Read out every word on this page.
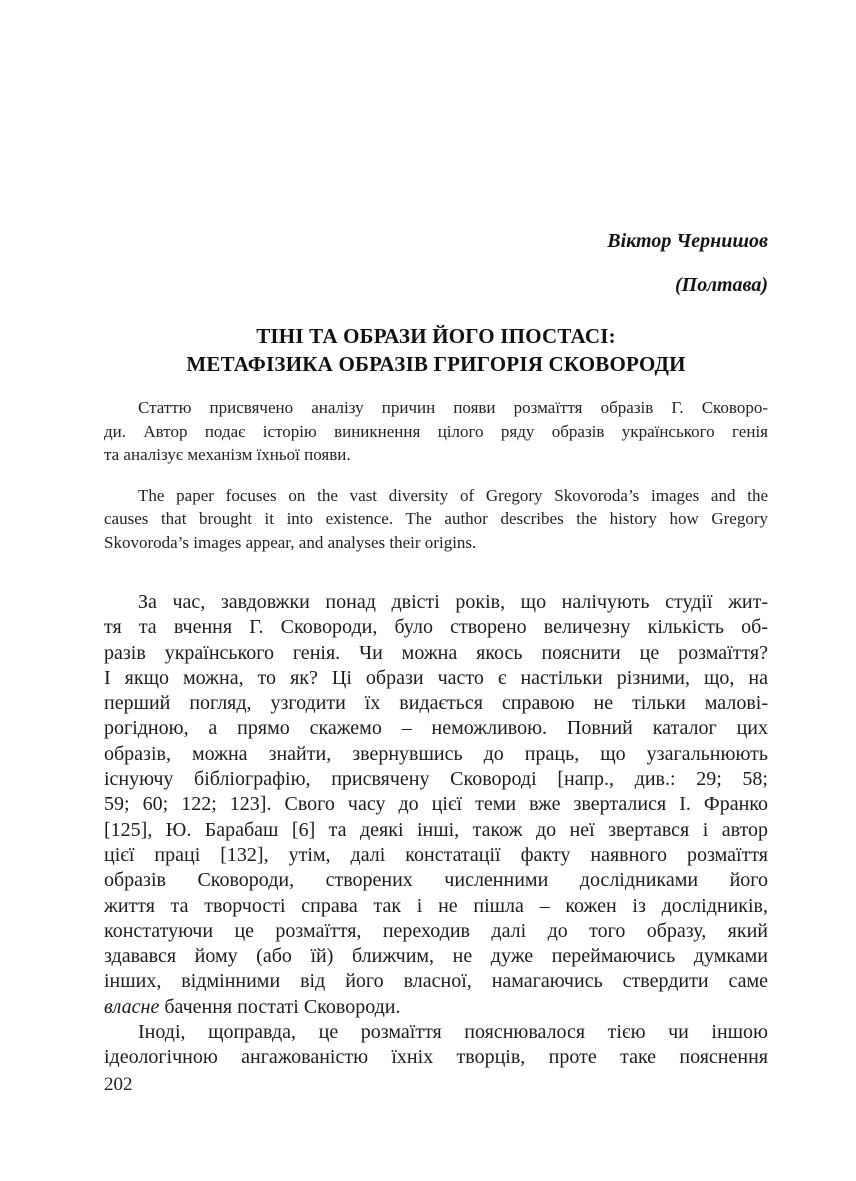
Віктор Чернишов
(Полтава)
ТІНІ ТА ОБРАЗИ ЙОГО ІПОСТАСІ:
МЕТАФІЗИКА ОБРАЗІВ ГРИГОРІЯ СКОВОРОДИ
Статтю присвячено аналізу причин появи розмаїття образів Г. Сковоро-
ди. Автор подає історію виникнення цілого ряду образів українського генія
та аналізує механізм їхньої появи.
The paper focuses on the vast diversity of Gregory Skovoroda’s images and the
causes that brought it into existence. The author describes the history how Gregory
Skovoroda’s images appear, and analyses their origins.
За час, завдовжки понад двісті років, що налічують студії жит-
тя та вчення Г. Сковороди, було створено величезну кількість об-
разів українського генія. Чи можна якось пояснити це розмаїття?
І якщо можна, то як? Ці образи часто є настільки різними, що, на
перший погляд, узгодити їх видається справою не тільки малові-
рогідною, а прямо скажемо – неможливою. Повний каталог цих
образів, можна знайти, звернувшись до праць, що узагальнюють
існуючу бібліографію, присвячену Сковороді [напр., див.: 29; 58;
59; 60; 122; 123]. Свого часу до цієї теми вже зверталися І. Франко
[125], Ю. Барабаш [6] та деякі інші, також до неї звертався і автор
цієї праці [132], утім, далі констатації факту наявного розмаїття
образів Сковороди, створених численними дослідниками його
життя та творчості справа так і не пішла – кожен із дослідників,
констатуючи це розмаїття, переходив далі до того образу, який
здавався йому (або їй) ближчим, не дуже переймаючись думками
інших, відмінними від його власної, намагаючись ствердити саме
власне бачення постаті Сковороди.
Іноді, щоправда, це розмаїття пояснювалося тією чи іншою
ідеологічною ангажованістю їхніх творців, проте таке пояснення
202
